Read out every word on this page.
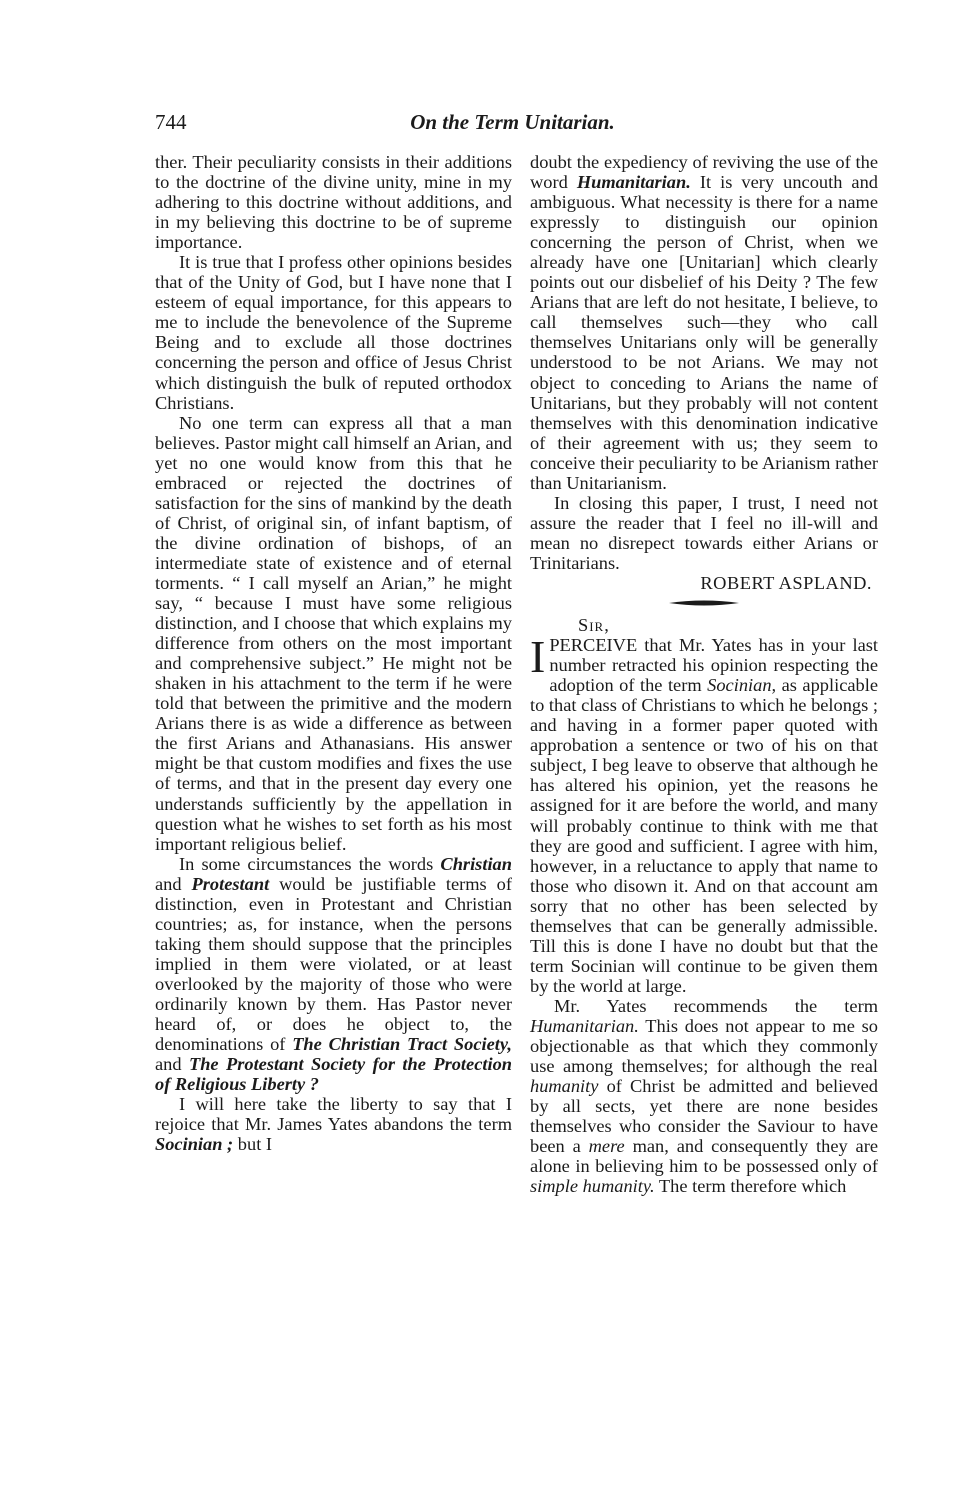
744	On the Term Unitarian.

ther. Their peculiarity consists in their additions to the doctrine of the divine unity, mine in my adhering to this doctrine without additions, and in my believing this doctrine to be of supreme importance.

It is true that I profess other opinions besides that of the Unity of God, but I have none that I esteem of equal importance, for this appears to me to include the benevolence of the Supreme Being and to exclude all those doctrines concerning the person and office of Jesus Christ which distinguish the bulk of reputed orthodox Christians.

No one term can express all that a man believes. Pastor might call himself an Arian, and yet no one would know from this that he embraced or rejected the doctrines of satisfaction for the sins of mankind by the death of Christ, of original sin, of infant baptism, of the divine ordination of bishops, of an intermediate state of existence and of eternal torments. “ I call myself an Arian,” he might say, “ because I must have some religious distinction, and I choose that which explains my difference from others on the most important and comprehensive subject.” He might not be shaken in his attachment to the term if he were told that between the primitive and the modern Arians there is as wide a difference as between the first Arians and Athanasians. His answer might be that custom modifies and fixes the use of terms, and that in the present day every one understands sufficiently by the appellation in question what he wishes to set forth as his most important religious belief.

In some circumstances the words Christian and Protestant would be justifiable terms of distinction, even in Protestant and Christian countries; as, for instance, when the persons taking them should suppose that the principles implied in them were violated, or at least overlooked by the majority of those who were ordinarily known by them. Has Pastor never heard of, or does he object to, the denominations of The Christian Tract Society, and The Protestant Society for the Protection of Religious Liberty ?

I will here take the liberty to say that I rejoice that Mr. James Yates abandons the term Socinian ; but I

doubt the expediency of reviving the use of the word Humanitarian. It is very uncouth and ambiguous. What necessity is there for a name expressly to distinguish our opinion concerning the person of Christ, when we already have one [Unitarian] which clearly points out our disbelief of his Deity ? The few Arians that are left do not hesitate, I believe, to call themselves such—they who call themselves Unitarians only will be generally understood to be not Arians. We may not object to conceding to Arians the name of Unitarians, but they probably will not content themselves with this denomination indicative of their agreement with us; they seem to conceive their peculiarity to be Arianism rather than Unitarianism.

In closing this paper, I trust, I need not assure the reader that I feel no ill-will and mean no disrepect towards either Arians or Trinitarians.

ROBERT ASPLAND.

Sir,

IPERCEIVE that Mr. Yates has in your last number retracted his opinion respecting the adoption of the term Socinian, as applicable to that class of Christians to which he belongs ; and having in a former paper quoted with approbation a sentence or two of his on that subject, I beg leave to observe that although he has altered his opinion, yet the reasons he assigned for it are before the world, and many will probably continue to think with me that they are good and sufficient. I agree with him, however, in a reluctance to apply that name to those who disown it. And on that account am sorry that no other has been selected by themselves that can be generally admissible. Till this is done I have no doubt but that the term Socinian will continue to be given them by the world at large.

Mr. Yates recommends the term Humanitarian. This does not appear to me so objectionable as that which they commonly use among themselves; for although the real humanity of Christ be admitted and believed by all sects, yet there are none besides themselves who consider the Saviour to have been a mere man, and consequently they are alone in believing him to be possessed only of simple humanity. The term therefore which
